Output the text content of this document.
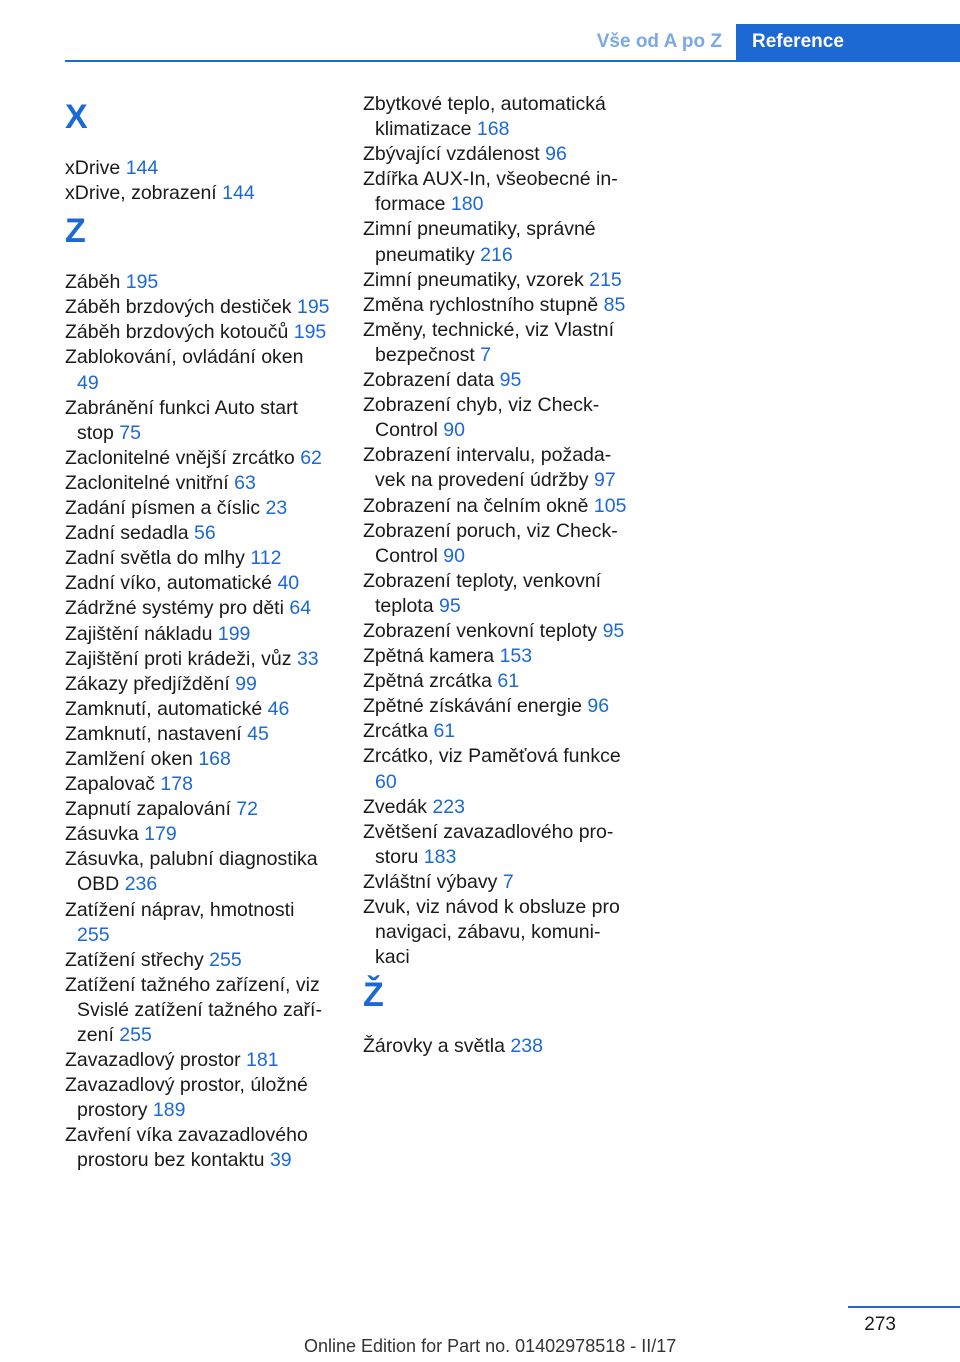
Vše od A po Z	Reference
X
xDrive 144
xDrive, zobrazení 144
Z
Záběh 195
Záběh brzdových destiček 195
Záběh brzdových kotoučů 195
Zablokování, ovládání oken 49
Zabránění funkci Auto start stop 75
Zaclonitelné vnější zrcátko 62
Zaclonitelné vnitřní 63
Zadání písmen a číslic 23
Zadní sedadla 56
Zadní světla do mlhy 112
Zadní víko, automatické 40
Zádržné systémy pro děti 64
Zajištění nákladu 199
Zajištění proti krádeži, vůz 33
Zákazy předjíždění 99
Zamknutí, automatické 46
Zamknutí, nastavení 45
Zamlžení oken 168
Zapalovač 178
Zapnutí zapalování 72
Zásuvka 179
Zásuvka, palubní diagnostika OBD 236
Zatížení náprav, hmotnosti 255
Zatížení střechy 255
Zatížení tažného zařízení, viz Svislé zatížení tažného zařízení 255
Zavazadlový prostor 181
Zavazadlový prostor, úložné prostory 189
Zavření víka zavazadlového prostoru bez kontaktu 39
Zbytkové teplo, automatická klimatizace 168
Zbývající vzdálenost 96
Zdířka AUX-In, všeobecné informace 180
Zimní pneumatiky, správné pneumatiky 216
Zimní pneumatiky, vzorek 215
Změna rychlostního stupně 85
Změny, technické, viz Vlastní bezpečnost 7
Zobrazení data 95
Zobrazení chyb, viz Check-Control 90
Zobrazení intervalu, požadavek na provedení údržby 97
Zobrazení na čelním okně 105
Zobrazení poruch, viz Check-Control 90
Zobrazení teploty, venkovní teplota 95
Zobrazení venkovní teploty 95
Zpětná kamera 153
Zpětná zrcátka 61
Zpětné získávání energie 96
Zrcátka 61
Zrcátko, viz Paměťová funkce 60
Zvedák 223
Zvětšení zavazadlového prostoru 183
Zvláštní výbavy 7
Zvuk, viz návod k obsluze pro navigaci, zábavu, komunikaci
Ž
Žárovky a světla 238
273
Online Edition for Part no. 01402978518 - II/17
